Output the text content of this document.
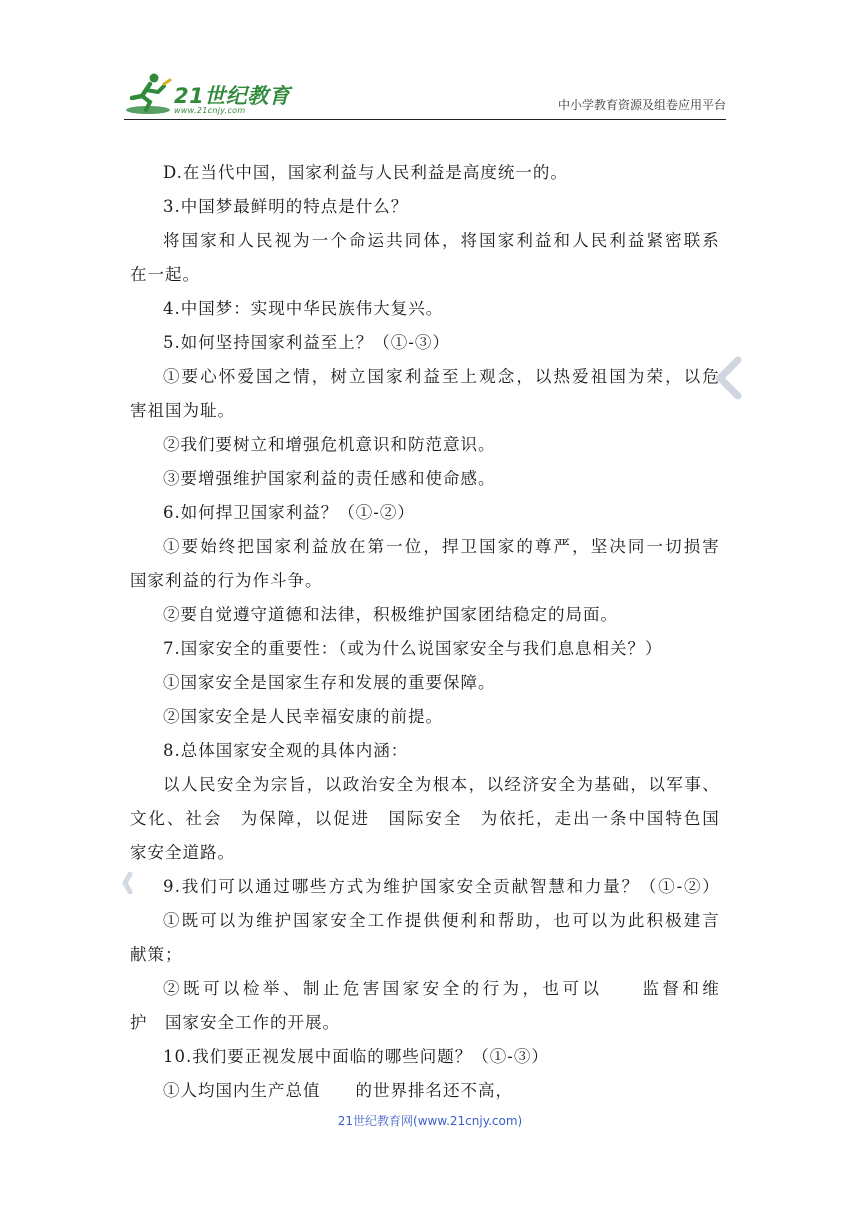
21世纪教育
www.21cnjy.com	中小学教育资源及组卷应用平台
D.在当代中国，国家利益与人民利益是高度统一的。
3.中国梦最鲜明的特点是什么？
将国家和人民视为一个命运共同体，将国家利益和人民利益紧密联系
在一起。
4.中国梦：实现中华民族伟大复兴。
5.如何坚持国家利益至上？（①-③）
①要心怀爱国之情，树立国家利益至上观念，以热爱祖国为荣，以危
害祖国为耻。
②我们要树立和增强危机意识和防范意识。
③要增强维护国家利益的责任感和使命感。
6.如何捍卫国家利益？（①-②）
①要始终把国家利益放在第一位，捍卫国家的尊严，坚决同一切损害
国家利益的行为作斗争。
②要自觉遵守道德和法律，积极维护国家团结稳定的局面。
7.国家安全的重要性：（或为什么说国家安全与我们息息相关？）
①国家安全是国家生存和发展的重要保障。
②国家安全是人民幸福安康的前提。
8.总体国家安全观的具体内涵：
以人民安全为宗旨，以政治安全为根本，以经济安全为基础，以军事、
文化、社会　为保障，以促进　国际安全　为依托，走出一条中国特色国
家安全道路。
9.我们可以通过哪些方式为维护国家安全贡献智慧和力量？（①-②）
①既可以为维护国家安全工作提供便利和帮助，也可以为此积极建言
献策；
②既可以检举、制止危害国家安全的行为，也可以　　监督和维
护　国家安全工作的开展。
10.我们要正视发展中面临的哪些问题？（①-③）
①人均国内生产总值　　的世界排名还不高，
21世纪教育网(www.21cnjy.com)
